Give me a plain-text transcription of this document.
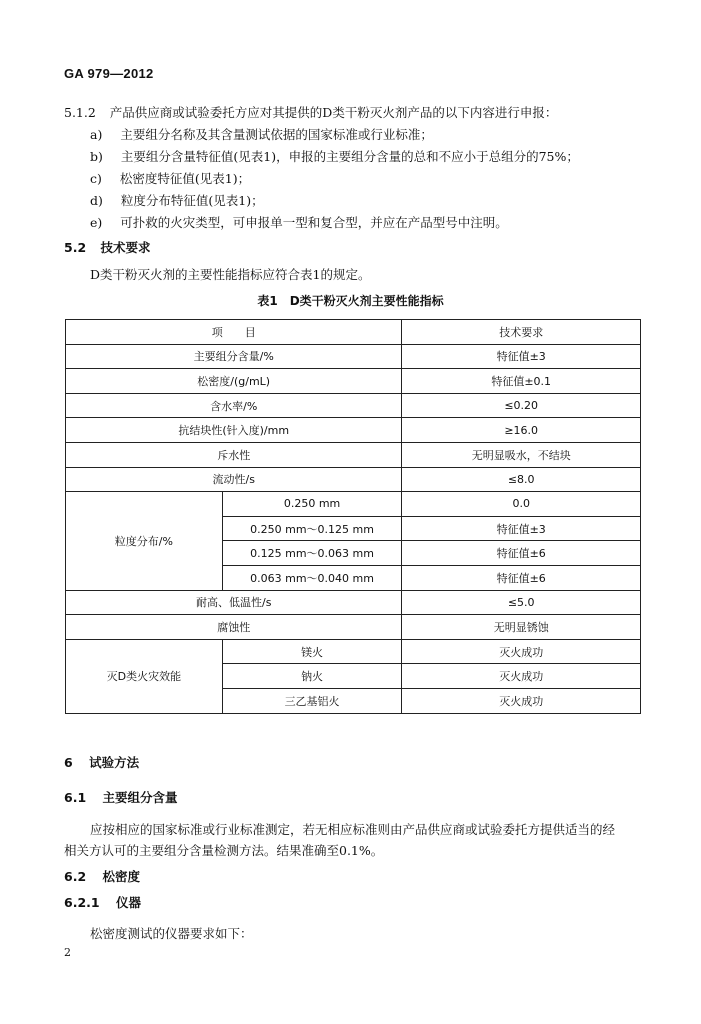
GA 979—2012
5.1.2 产品供应商或试验委托方应对其提供的D类干粉灭火剂产品的以下内容进行申报：
a) 主要组分名称及其含量测试依据的国家标准或行业标准；
b) 主要组分含量特征值(见表1)，申报的主要组分含量的总和不应小于总组分的75%；
c) 松密度特征值(见表1)；
d) 粒度分布特征值(见表1)；
e) 可扑救的火灾类型，可申报单一型和复合型，并应在产品型号中注明。
5.2 技术要求
D类干粉灭火剂的主要性能指标应符合表1的规定。
表1　D类干粉灭火剂主要性能指标
项　　目		技术要求
主要组分含量/%		特征值±3
松密度/(g/mL)		特征值±0.1
含水率/%		≤0.20
抗结块性(针入度)/mm		≥16.0
斥水性		无明显吸水，不结块
流动性/s		≤8.0
粒度分布/%	0.250 mm	0.0
	0.250 mm～0.125 mm	特征值±3
	0.125 mm～0.063 mm	特征值±6
	0.063 mm～0.040 mm	特征值±6
耐高、低温性/s		≤5.0
腐蚀性		无明显锈蚀
灭D类火灾效能	镁火	灭火成功
	钠火	灭火成功
	三乙基铝火	灭火成功
6 试验方法
6.1 主要组分含量
应按相应的国家标准或行业标准测定，若无相应标准则由产品供应商或试验委托方提供适当的经
相关方认可的主要组分含量检测方法。结果准确至0.1%。
6.2 松密度
6.2.1 仪器
松密度测试的仪器要求如下：
2
